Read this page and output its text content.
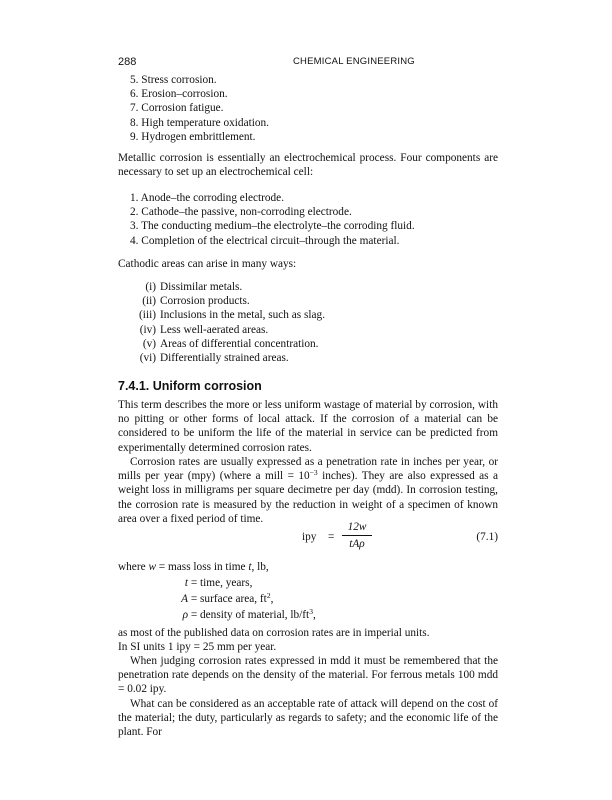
288	CHEMICAL ENGINEERING
5. Stress corrosion.
6. Erosion–corrosion.
7. Corrosion fatigue.
8. High temperature oxidation.
9. Hydrogen embrittlement.
Metallic corrosion is essentially an electrochemical process. Four components are necessary to set up an electrochemical cell:
1. Anode–the corroding electrode.
2. Cathode–the passive, non-corroding electrode.
3. The conducting medium–the electrolyte–the corroding fluid.
4. Completion of the electrical circuit–through the material.
Cathodic areas can arise in many ways:
(i) Dissimilar metals.
(ii) Corrosion products.
(iii) Inclusions in the metal, such as slag.
(iv) Less well-aerated areas.
(v) Areas of differential concentration.
(vi) Differentially strained areas.
7.4.1. Uniform corrosion
This term describes the more or less uniform wastage of material by corrosion, with no pitting or other forms of local attack. If the corrosion of a material can be considered to be uniform the life of the material in service can be predicted from experimentally determined corrosion rates.
Corrosion rates are usually expressed as a penetration rate in inches per year, or mills per year (mpy) (where a mill = $10^{-3}$ inches). They are also expressed as a weight loss in milligrams per square decimetre per day (mdd). In corrosion testing, the corrosion rate is measured by the reduction in weight of a specimen of known area over a fixed period of time.
ipy =
12w
tAρ
(7.1)
where w = mass loss in time t, lb,
t = time, years,
A = surface area, $ft^2$,
ρ = density of material, $lb/ft^3$,
as most of the published data on corrosion rates are in imperial units.
In SI units 1 ipy = 25 mm per year.
When judging corrosion rates expressed in mdd it must be remembered that the penetration rate depends on the density of the material. For ferrous metals 100 mdd = 0.02 ipy.
What can be considered as an acceptable rate of attack will depend on the cost of the material; the duty, particularly as regards to safety; and the economic life of the plant. For
